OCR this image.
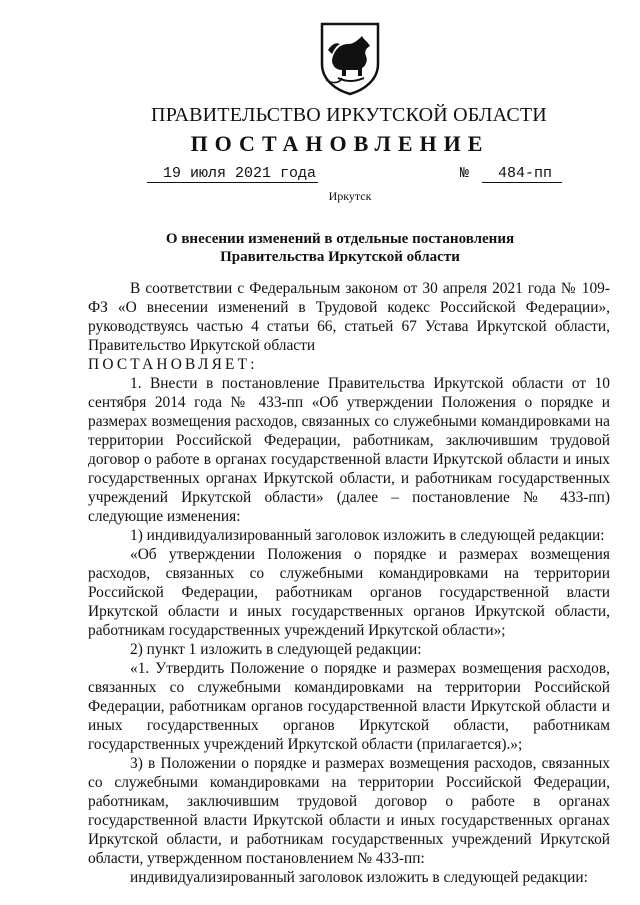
ПРАВИТЕЛЬСТВО ИРКУТСКОЙ ОБЛАСТИ
ПОСТАНОВЛЕНИЕ
19 июля 2021 года	№ 484-пп
Иркутск
О внесении изменений в отдельные постановления
Правительства Иркутской области

В соответствии с Федеральным законом от 30 апреля 2021 года № 109-ФЗ «О внесении изменений в Трудовой кодекс Российской Федерации», руководствуясь частью 4 статьи 66, статьей 67 Устава Иркутской области, Правительство Иркутской области

ПОСТАНОВЛЯЕТ:

1. Внести в постановление Правительства Иркутской области от 10 сентября 2014 года № 433-пп «Об утверждении Положения о порядке и размерах возмещения расходов, связанных со служебными командировками на территории Российской Федерации, работникам, заключившим трудовой договор о работе в органах государственной власти Иркутской области и иных государственных органах Иркутской области, и работникам государственных учреждений Иркутской области» (далее – постановление № 433-пп) следующие изменения:

1) индивидуализированный заголовок изложить в следующей редакции:

«Об утверждении Положения о порядке и размерах возмещения расходов, связанных со служебными командировками на территории Российской Федерации, работникам органов государственной власти Иркутской области и иных государственных органов Иркутской области, работникам государственных учреждений Иркутской области»;

2) пункт 1 изложить в следующей редакции:

«1. Утвердить Положение о порядке и размерах возмещения расходов, связанных со служебными командировками на территории Российской Федерации, работникам органов государственной власти Иркутской области и иных государственных органов Иркутской области, работникам государственных учреждений Иркутской области (прилагается).»;

3) в Положении о порядке и размерах возмещения расходов, связанных со служебными командировками на территории Российской Федерации, работникам, заключившим трудовой договор о работе в органах государственной власти Иркутской области и иных государственных органах Иркутской области, и работникам государственных учреждений Иркутской области, утвержденном постановлением № 433-пп:

индивидуализированный заголовок изложить в следующей редакции:
